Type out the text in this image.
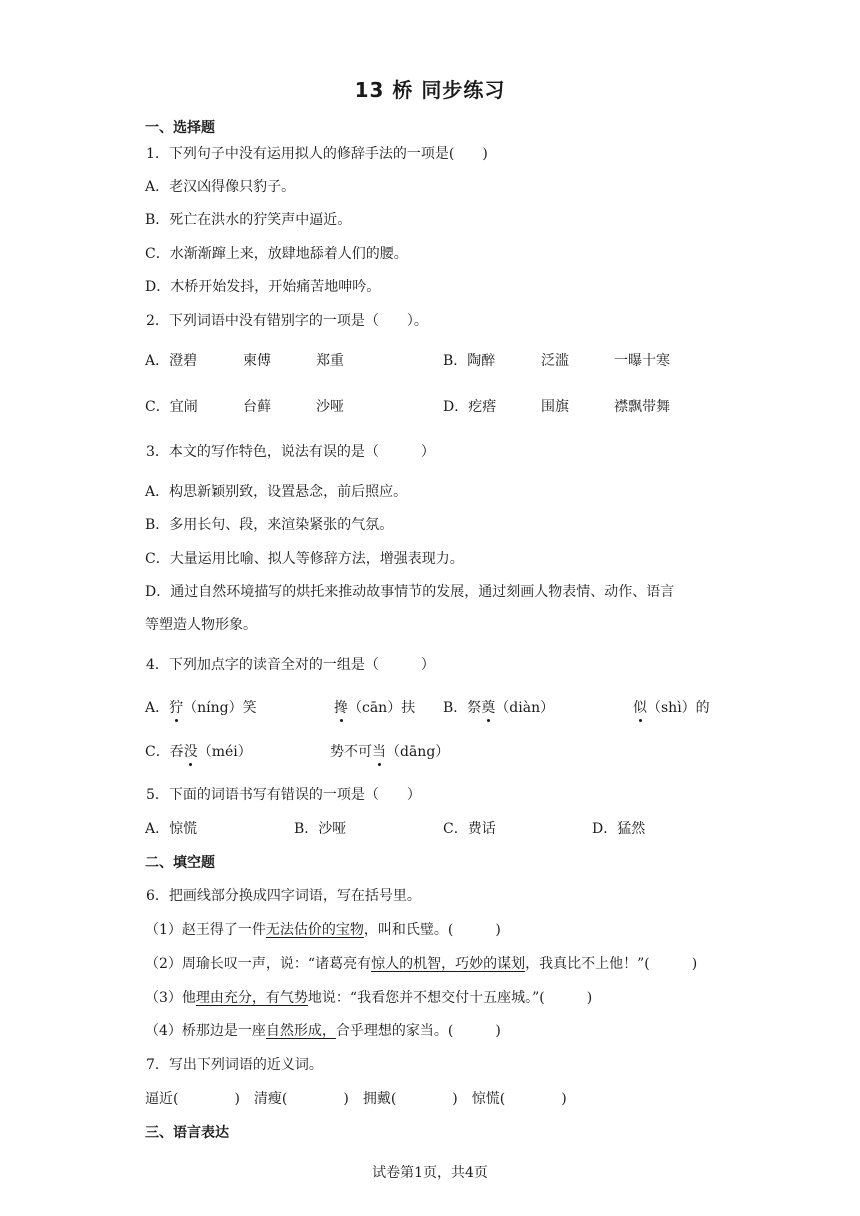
13 桥 同步练习
一、选择题
1．下列句子中没有运用拟人的修辞手法的一项是(　　)
A．老汉凶得像只豹子。
B．死亡在洪水的狞笑声中逼近。
C．水渐渐蹿上来，放肆地舔着人们的腰。
D．木桥开始发抖，开始痛苦地呻吟。
2．下列词语中没有错别字的一项是（　　）。
A．澄碧	柬傅	郑重	B．陶醉	泛滥	一曝十寒
C．宜闹	台藓	沙哑	D．疙瘩	围旗	襟飘带舞
3．本文的写作特色，说法有误的是（　　　）
A．构思新颖别致，设置悬念，前后照应。
B．多用长句、段，来渲染紧张的气氛。
C．大量运用比喻、拟人等修辞方法，增强表现力。
D．通过自然环境描写的烘托来推动故事情节的发展，通过刻画人物表情、动作、语言
等塑造人物形象。
4．下列加点字的读音全对的一组是（　　　）
A．狞（níng）笑	搀（cān）扶 B．祭奠（diàn）	似（shì）的
C．吞没（méi）	势不可当（dāng）
5．下面的词语书写有错误的一项是（　　）
A．惊慌	B．沙哑	C．费话	D．猛然
二、填空题
6．把画线部分换成四字词语，写在括号里。
（1）赵王得了一件无法估价的宝物，叫和氏璧。(　　　)
（2）周瑜长叹一声，说：“诸葛亮有惊人的机智，巧妙的谋划，我真比不上他！”(　　　)
（3）他理由充分，有气势地说：“我看您并不想交付十五座城。”(　　　)
（4）桥那边是一座自然形成，合乎理想的家当。(　　　)
7．写出下列词语的近义词。
逼近(　　　　)　清瘦(　　　　)　拥戴(　　　　)　惊慌(　　　　)
三、语言表达
试卷第1页，共4页
